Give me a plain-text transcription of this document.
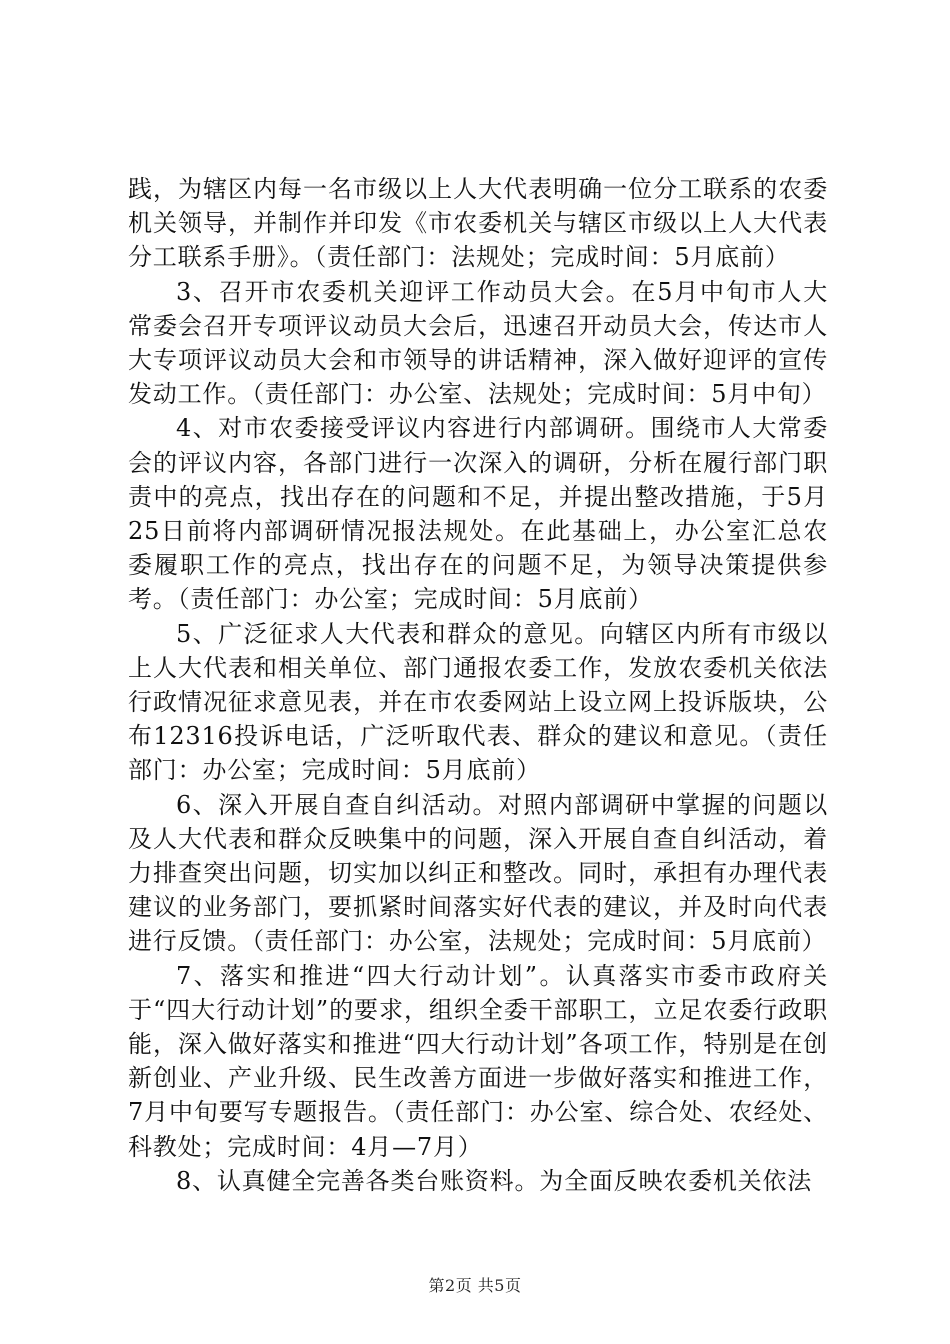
践，为辖区内每一名市级以上人大代表明确一位分工联系的农委机关领导，并制作并印发《市农委机关与辖区市级以上人大代表分工联系手册》。（责任部门：法规处；完成时间：5月底前）

3、召开市农委机关迎评工作动员大会。在5月中旬市人大常委会召开专项评议动员大会后，迅速召开动员大会，传达市人大专项评议动员大会和市领导的讲话精神，深入做好迎评的宣传发动工作。（责任部门：办公室、法规处；完成时间：5月中旬）

4、对市农委接受评议内容进行内部调研。围绕市人大常委会的评议内容，各部门进行一次深入的调研，分析在履行部门职责中的亮点，找出存在的问题和不足，并提出整改措施，于5月25日前将内部调研情况报法规处。在此基础上，办公室汇总农委履职工作的亮点，找出存在的问题不足，为领导决策提供参考。（责任部门：办公室；完成时间：5月底前）

5、广泛征求人大代表和群众的意见。向辖区内所有市级以上人大代表和相关单位、部门通报农委工作，发放农委机关依法行政情况征求意见表，并在市农委网站上设立网上投诉版块，公布12316投诉电话，广泛听取代表、群众的建议和意见。（责任部门：办公室；完成时间：5月底前）

6、深入开展自查自纠活动。对照内部调研中掌握的问题以及人大代表和群众反映集中的问题，深入开展自查自纠活动，着力排查突出问题，切实加以纠正和整改。同时，承担有办理代表建议的业务部门，要抓紧时间落实好代表的建议，并及时向代表进行反馈。（责任部门：办公室，法规处；完成时间：5月底前）

7、落实和推进“四大行动计划”。认真落实市委市政府关于“四大行动计划”的要求，组织全委干部职工，立足农委行政职能，深入做好落实和推进“四大行动计划”各项工作，特别是在创新创业、产业升级、民生改善方面进一步做好落实和推进工作，7月中旬要写专题报告。（责任部门：办公室、综合处、农经处、科教处；完成时间：4月—7月）

8、认真健全完善各类台账资料。为全面反映农委机关依法

第2页 共5页
